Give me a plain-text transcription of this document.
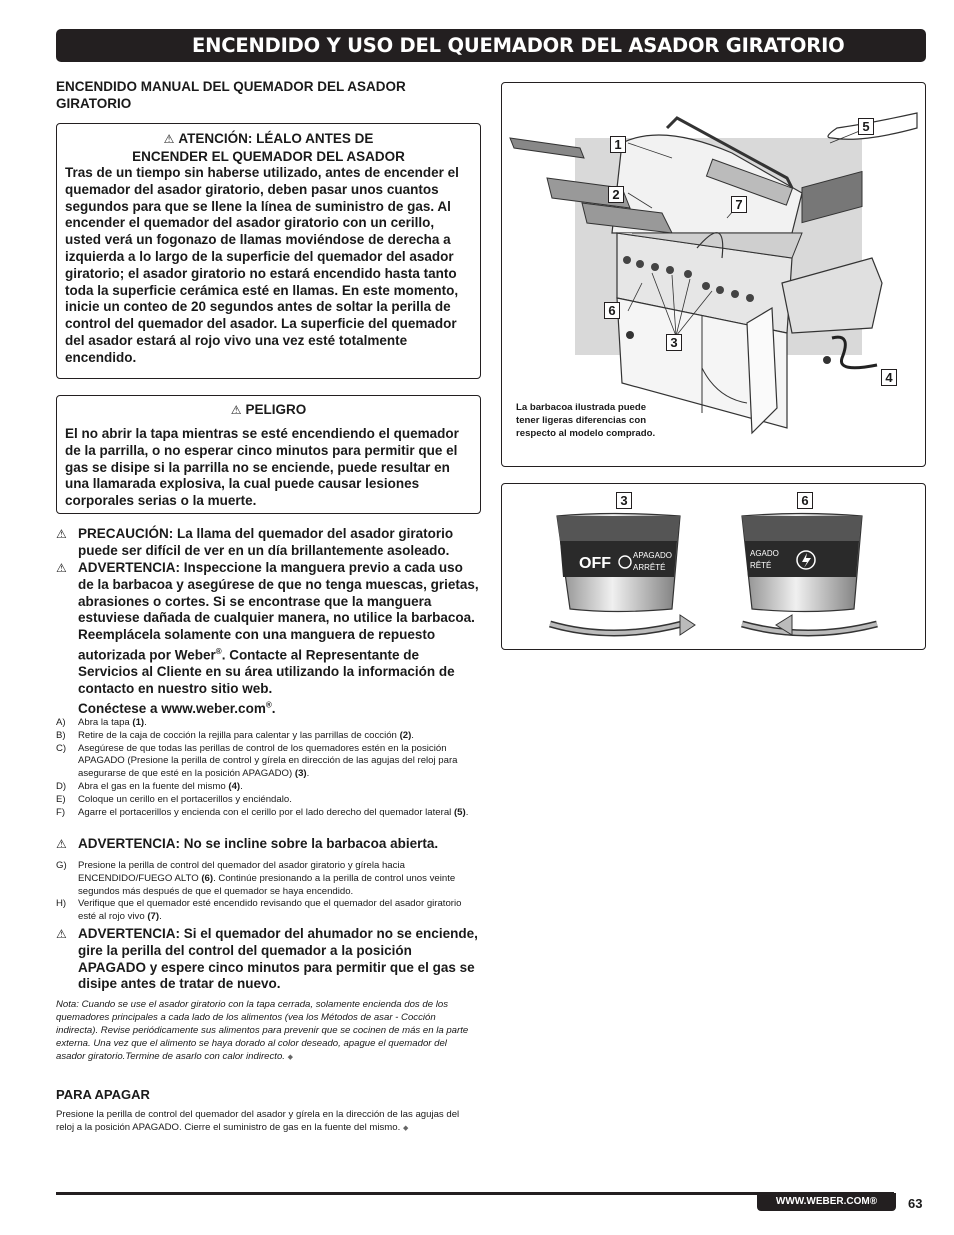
ENCENDIDO Y USO DEL QUEMADOR DEL ASADOR GIRATORIO
ENCENDIDO MANUAL DEL QUEMADOR DEL ASADOR GIRATORIO
⚠ ATENCIÓN: LÉALO ANTES DE
ENCENDER EL QUEMADOR DEL ASADOR
Tras de un tiempo sin haberse utilizado, antes de encender el quemador del asador giratorio, deben pasar unos cuantos segundos para que se llene la línea de suministro de gas. Al encender el quemador del asador giratorio con un cerillo, usted verá un fogonazo de llamas moviéndose de derecha a izquierda a lo largo de la superficie del quemador del asador giratorio; el asador giratorio no estará encendido hasta tanto toda la superficie cerámica esté en llamas. En este momento, inicie un conteo de 20 segundos antes de soltar la perilla de control del quemador del asador. La superficie del quemador del asador estará al rojo vivo una vez esté totalmente encendido.
⚠ PELIGRO
El no abrir la tapa mientras se esté encendiendo el quemador de la parrilla, o no esperar cinco minutos para permitir que el gas se disipe si la parrilla no se enciende, puede resultar en una llamarada explosiva, la cual puede causar lesiones corporales serias o la muerte.
⚠ PRECAUCIÓN: La llama del quemador del asador giratorio puede ser difícil de ver en un día brillantemente asoleado.
⚠ ADVERTENCIA: Inspeccione la manguera previo a cada uso de la barbacoa y asegúrese de que no tenga muescas, grietas, abrasiones o cortes. Si se encontrase que la manguera estuviese dañada de cualquier manera, no utilice la barbacoa. Reemplácela solamente con una manguera de repuesto autorizada por Weber®. Contacte al Representante de Servicios al Cliente en su área utilizando la información de contacto en nuestro sitio web.
Conéctese a www.weber.com®.
A) Abra la tapa (1).
B) Retire de la caja de cocción la rejilla para calentar y las parrillas de cocción (2).
C) Asegúrese de que todas las perillas de control de los quemadores estén en la posición APAGADO (Presione la perilla de control y gírela en dirección de las agujas del reloj para asegurarse de que esté en la posición APAGADO) (3).
D) Abra el gas en la fuente del mismo (4).
E) Coloque un cerillo en el portacerillos y enciéndalo.
F) Agarre el portacerillos y encienda con el cerillo por el lado derecho del quemador lateral (5).
⚠ ADVERTENCIA: No se incline sobre la barbacoa abierta.
G) Presione la perilla de control del quemador del asador giratorio y gírela hacia ENCENDIDO/FUEGO ALTO (6). Continúe presionando a la perilla de control unos veinte segundos más después de que el quemador se haya encendido.
H) Verifique que el quemador esté encendido revisando que el quemador del asador giratorio esté al rojo vivo (7).
⚠ ADVERTENCIA: Si el quemador del ahumador no se enciende, gire la perilla del control del quemador a la posición APAGADO y espere cinco minutos para permitir que el gas se disipe antes de tratar de nuevo.
Nota: Cuando se use el asador giratorio con la tapa cerrada, solamente encienda dos de los quemadores principales a cada lado de los alimentos (vea los Métodos de asar - Cocción indirecta). Revise periódicamente sus alimentos para prevenir que se cocinen de más en la parte externa. Una vez que el alimento se haya dorado al color deseado, apague el quemador del asador giratorio.Termine de asarlo con calor indirecto. ◆
PARA APAGAR
Presione la perilla de control del quemador del asador y gírela en la dirección de las agujas del reloj a la posición APAGADO. Cierre el suministro de gas en la fuente del mismo. ◆
1
2
3
4
5
6
7
La barbacoa ilustrada puede tener ligeras diferencias con respecto al modelo comprado.
3	6
OFF	APAGADO
ARRÊTÉ
AGADO
RÊTÉ
WWW.WEBER.COM®	63
